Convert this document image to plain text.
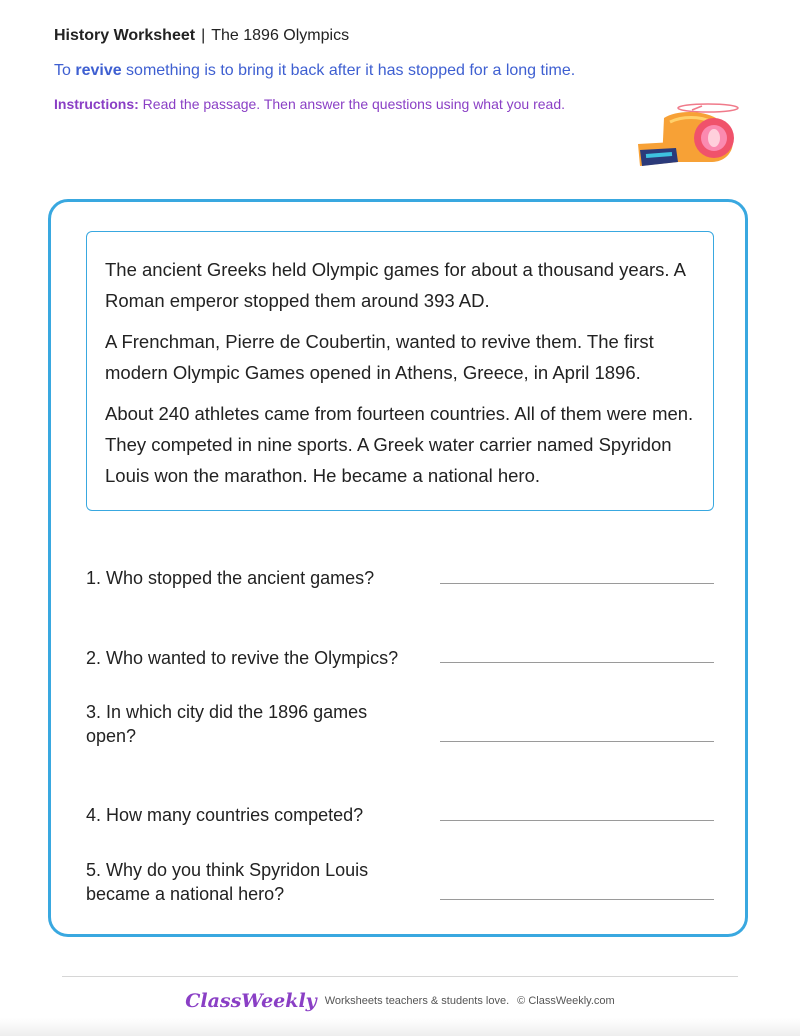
History Worksheet | The 1896 Olympics
To revive something is to bring it back after it has stopped for a long time.
Instructions: Read the passage. Then answer the questions using what you read.

The ancient Greeks held Olympic games for about a thousand years. A Roman emperor stopped them around 393 AD.

A Frenchman, Pierre de Coubertin, wanted to revive them. The first modern Olympic Games opened in Athens, Greece, in April 1896.

About 240 athletes came from fourteen countries. All of them were men. They competed in nine sports. A Greek water carrier named Spyridon Louis won the marathon. He became a national hero.

1. Who stopped the ancient games?
2. Who wanted to revive the Olympics?
3. In which city did the 1896 games open?
4. How many countries competed?
5. Why do you think Spyridon Louis became a national hero?
ClassWeekly Worksheets teachers & students love. © ClassWeekly.com
